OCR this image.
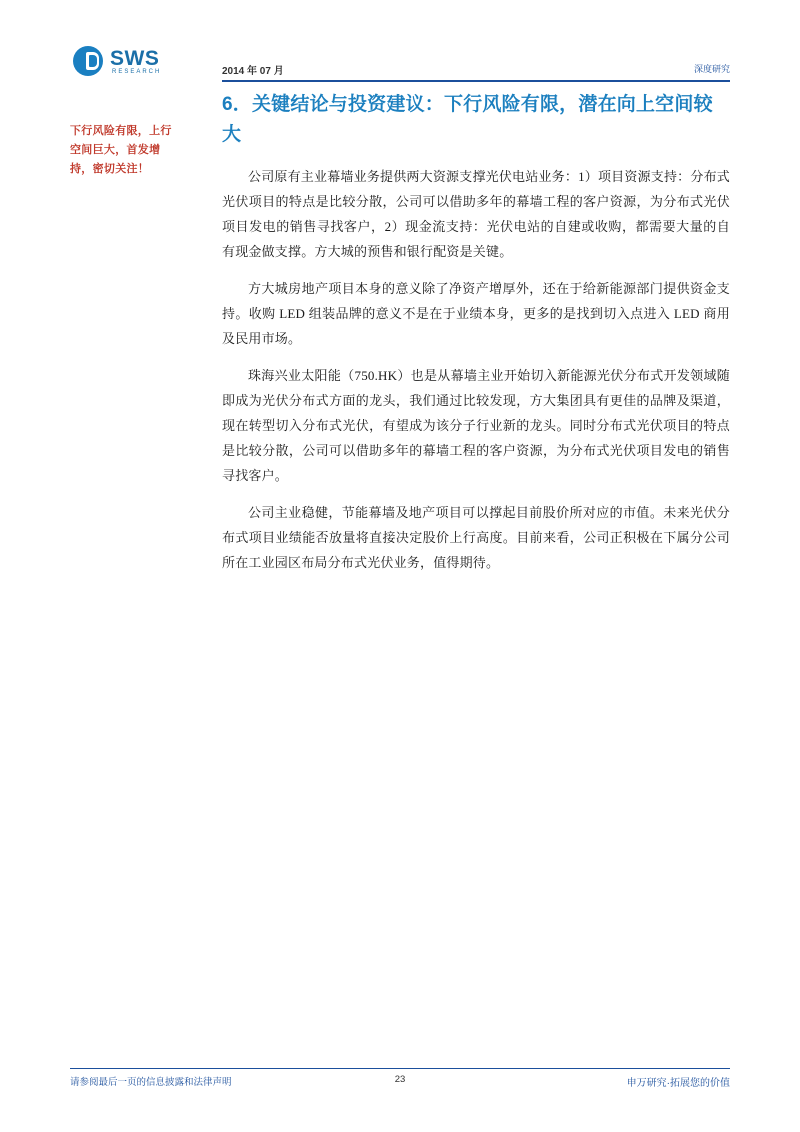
SWS
RESEARCH	2014 年 07 月	深度研究
下行风险有限，上行空间巨大，首发增持，密切关注！
6．关键结论与投资建议：下行风险有限，潜在向上空间较大

公司原有主业幕墙业务提供两大资源支撑光伏电站业务：1）项目资源支持：分布式光伏项目的特点是比较分散，公司可以借助多年的幕墙工程的客户资源，为分布式光伏项目发电的销售寻找客户，2）现金流支持：光伏电站的自建或收购，都需要大量的自有现金做支撑。方大城的预售和银行配资是关键。

方大城房地产项目本身的意义除了净资产增厚外，还在于给新能源部门提供资金支持。收购 LED 组装品牌的意义不是在于业绩本身，更多的是找到切入点进入 LED 商用及民用市场。

珠海兴业太阳能（750.HK）也是从幕墙主业开始切入新能源光伏分布式开发领域随即成为光伏分布式方面的龙头，我们通过比较发现，方大集团具有更佳的品牌及渠道，现在转型切入分布式光伏，有望成为该分子行业新的龙头。同时分布式光伏项目的特点是比较分散，公司可以借助多年的幕墙工程的客户资源，为分布式光伏项目发电的销售寻找客户。

公司主业稳健，节能幕墙及地产项目可以撑起目前股价所对应的市值。未来光伏分布式项目业绩能否放量将直接决定股价上行高度。目前来看，公司正积极在下属分公司所在工业园区布局分布式光伏业务，值得期待。

请参阅最后一页的信息披露和法律声明	23	申万研究·拓展您的价值
